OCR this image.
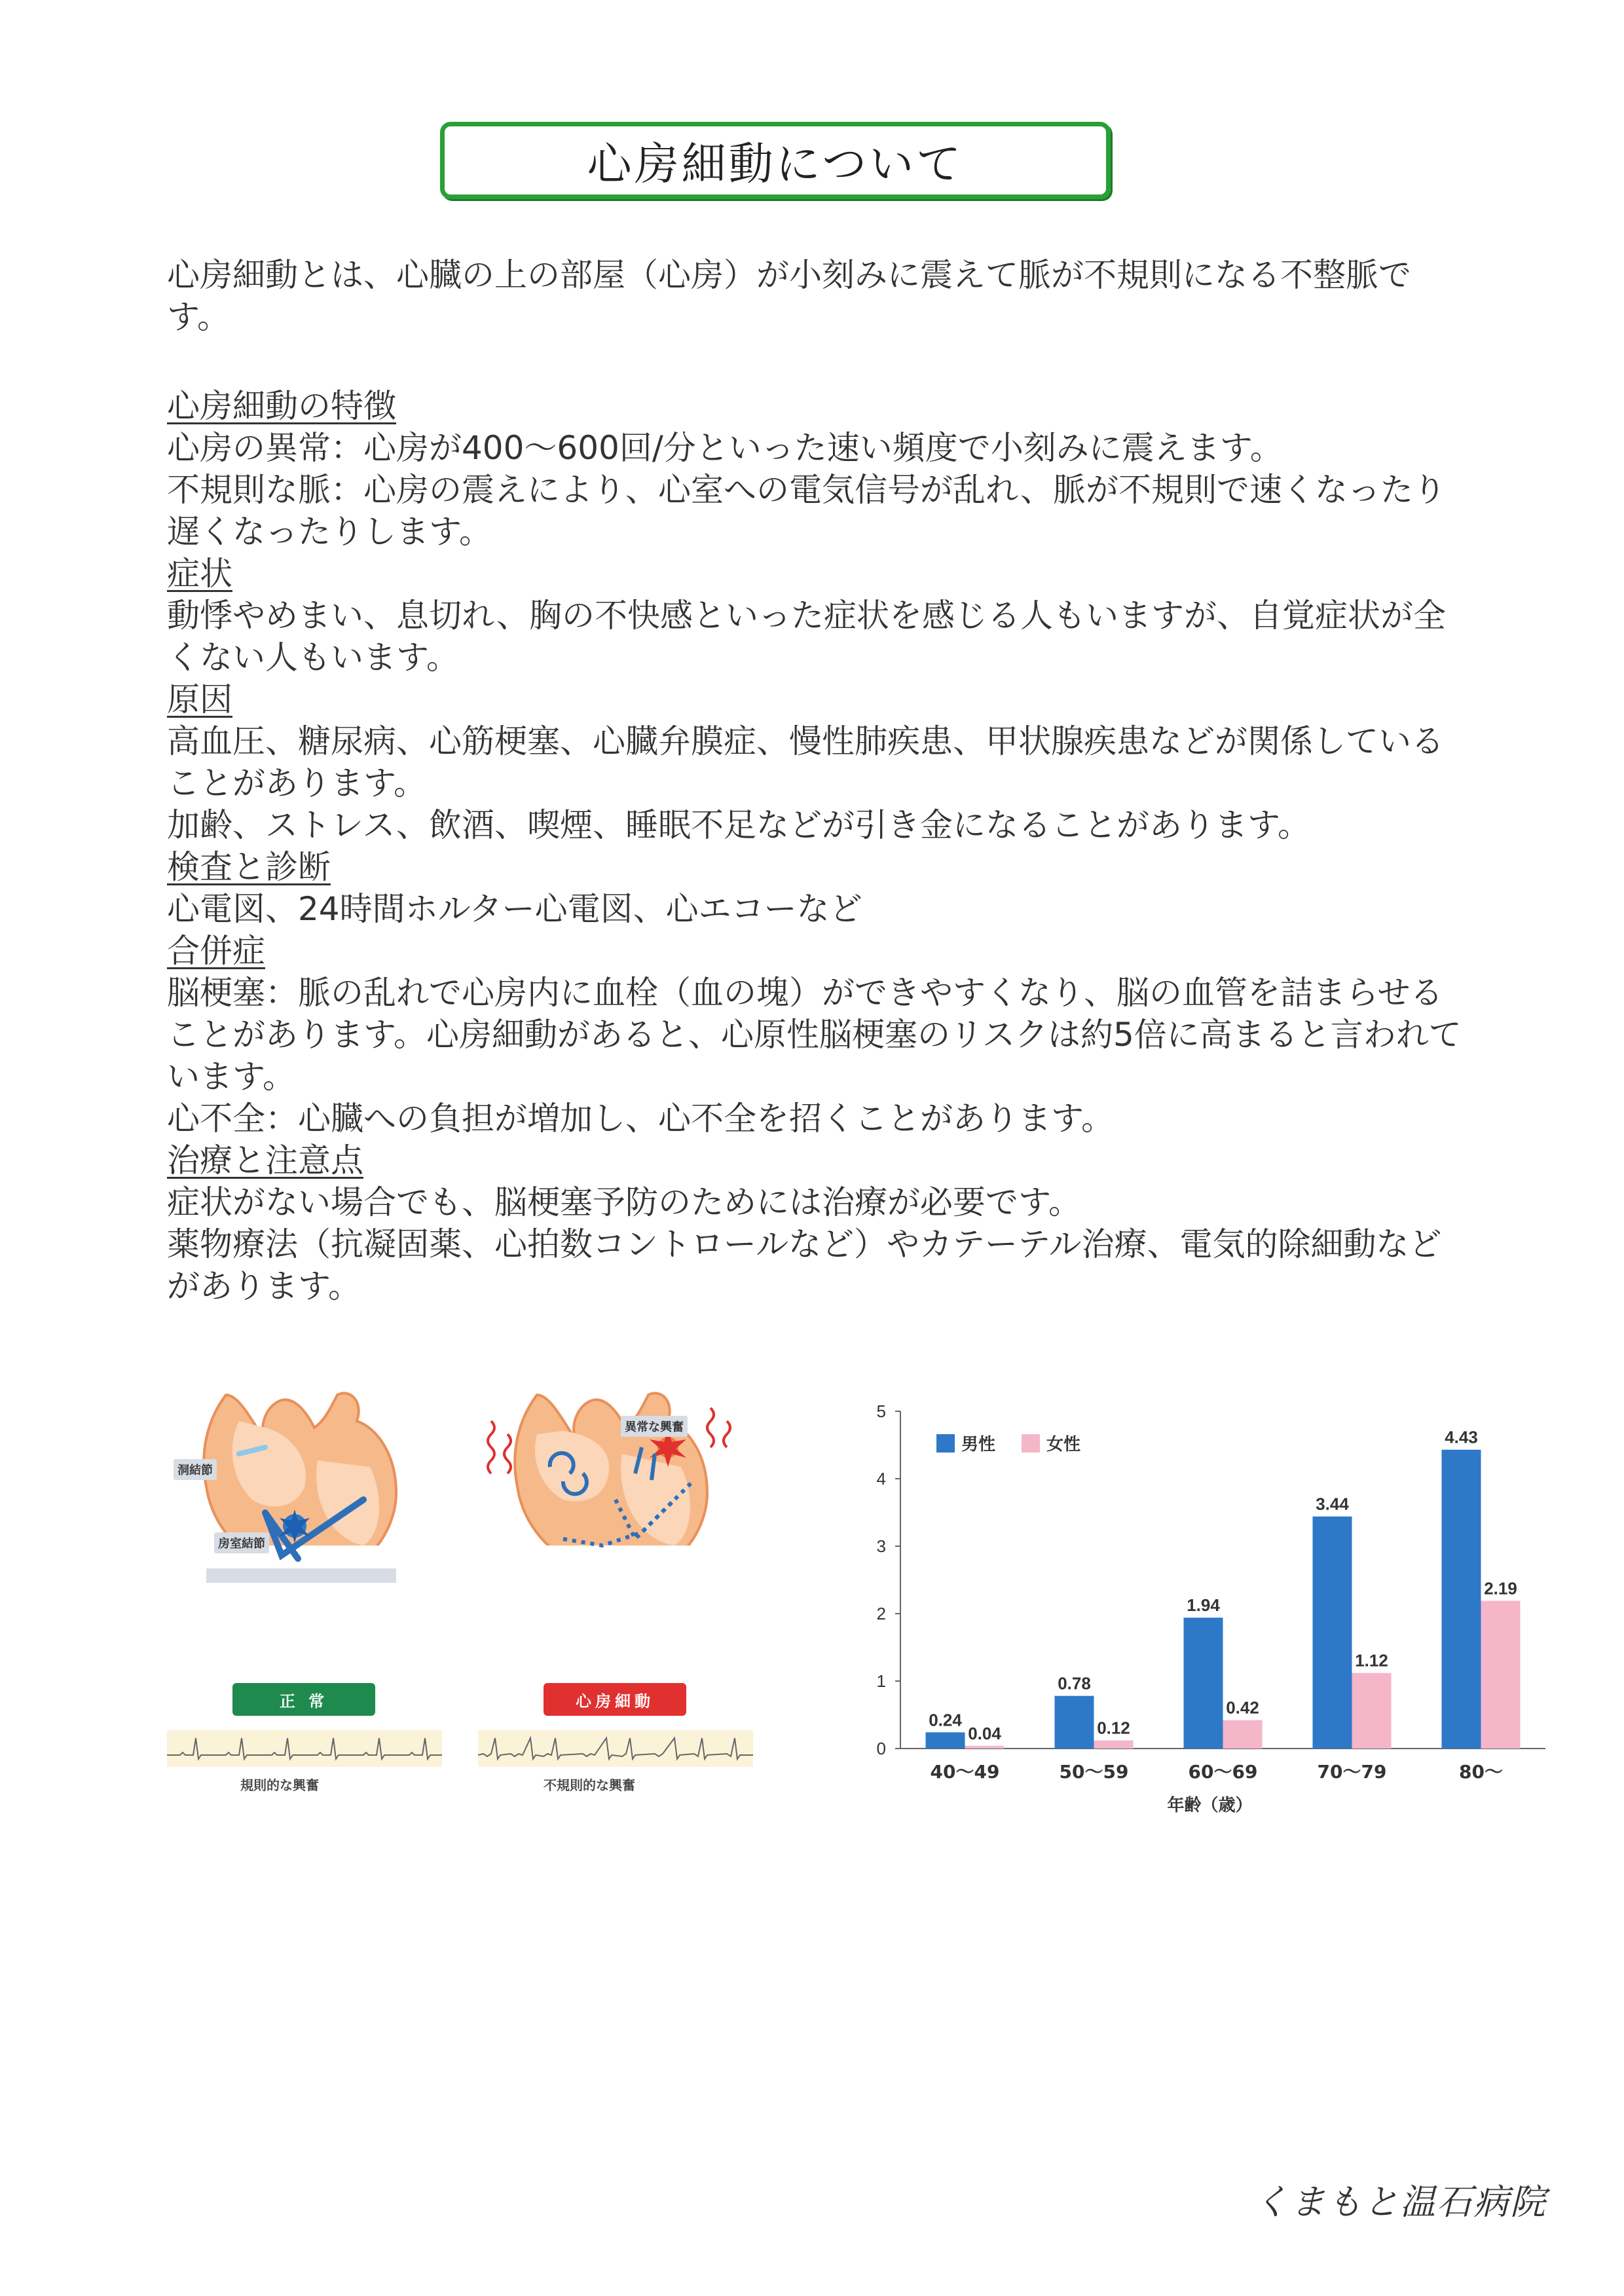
心房細動について

心房細動とは、心臓の上の部屋（心房）が小刻みに震えて脈が不規則になる不整脈です。

心房細動の特徴

心房の異常：心房が400〜600回/分といった速い頻度で小刻みに震えます。

不規則な脈：心房の震えにより、心室への電気信号が乱れ、脈が不規則で速くなったり遅くなったりします。

症状

動悸やめまい、息切れ、胸の不快感といった症状を感じる人もいますが、自覚症状が全くない人もいます。

原因

高血圧、糖尿病、心筋梗塞、心臓弁膜症、慢性肺疾患、甲状腺疾患などが関係していることがあります。

加齢、ストレス、飲酒、喫煙、睡眠不足などが引き金になることがあります。

検査と診断

心電図、24時間ホルター心電図、心エコーなど

合併症

脳梗塞：脈の乱れで心房内に血栓（血の塊）ができやすくなり、脳の血管を詰まらせることがあります。心房細動があると、心原性脳梗塞のリスクは約5倍に高まると言われています。

心不全：心臓への負担が増加し、心不全を招くことがあります。

治療と注意点

症状がない場合でも、脳梗塞予防のためには治療が必要です。

薬物療法（抗凝固薬、心拍数コントロールなど）やカテーテル治療、電気的除細動などがあります。

洞結節
房室結節
正 常
規則的な興奮
異常な興奮
心房細動
不規則的な興奮
0
1
2
3
4
5
40〜49
0.24
0.04
50〜59
0.78
0.12
60〜69
1.94
0.42
70〜79
3.44
1.12
80〜
4.43
2.19
年齢（歳）
男性	女性
くまもと温石病院
